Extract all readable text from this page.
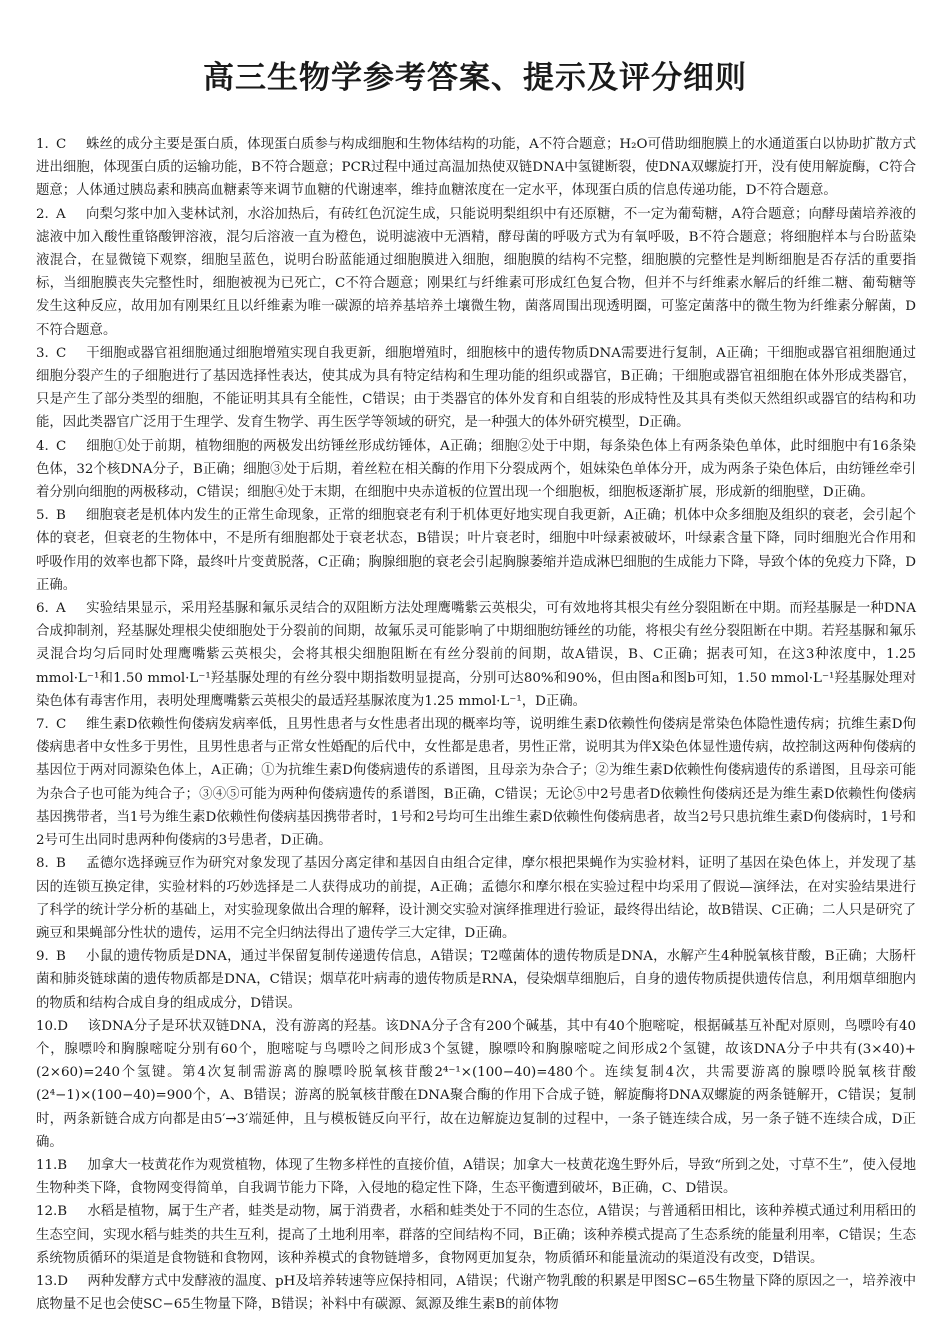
高三生物学参考答案、提示及评分细则

1. C 蛛丝的成分主要是蛋白质，体现蛋白质参与构成细胞和生物体结构的功能，A不符合题意；H₂O可借助细胞膜上的水通道蛋白以协助扩散方式进出细胞，体现蛋白质的运输功能，B不符合题意；PCR过程中通过高温加热使双链DNA中氢键断裂，使DNA双螺旋打开，没有使用解旋酶，C符合题意；人体通过胰岛素和胰高血糖素等来调节血糖的代谢速率，维持血糖浓度在一定水平，体现蛋白质的信息传递功能，D不符合题意。

2. A 向梨匀浆中加入斐林试剂，水浴加热后，有砖红色沉淀生成，只能说明梨组织中有还原糖，不一定为葡萄糖，A符合题意；向酵母菌培养液的滤液中加入酸性重铬酸钾溶液，混匀后溶液一直为橙色，说明滤液中无酒精，酵母菌的呼吸方式为有氧呼吸，B不符合题意；将细胞样本与台盼蓝染液混合，在显微镜下观察，细胞呈蓝色，说明台盼蓝能通过细胞膜进入细胞，细胞膜的结构不完整，细胞膜的完整性是判断细胞是否存活的重要指标，当细胞膜丧失完整性时，细胞被视为已死亡，C不符合题意；刚果红与纤维素可形成红色复合物，但并不与纤维素水解后的纤维二糖、葡萄糖等发生这种反应，故用加有刚果红且以纤维素为唯一碳源的培养基培养土壤微生物，菌落周围出现透明圈，可鉴定菌落中的微生物为纤维素分解菌，D不符合题意。

3. C 干细胞或器官祖细胞通过细胞增殖实现自我更新，细胞增殖时，细胞核中的遗传物质DNA需要进行复制，A正确；干细胞或器官祖细胞通过细胞分裂产生的子细胞进行了基因选择性表达，使其成为具有特定结构和生理功能的组织或器官，B正确；干细胞或器官祖细胞在体外形成类器官，只是产生了部分类型的细胞，不能证明其具有全能性，C错误；由于类器官的体外发育和自组装的形成特性及其具有类似天然组织或器官的结构和功能，因此类器官广泛用于生理学、发育生物学、再生医学等领域的研究，是一种强大的体外研究模型，D正确。

4. C 细胞①处于前期，植物细胞的两极发出纺锤丝形成纺锤体，A正确；细胞②处于中期，每条染色体上有两条染色单体，此时细胞中有16条染色体，32个核DNA分子，B正确；细胞③处于后期，着丝粒在相关酶的作用下分裂成两个，姐妹染色单体分开，成为两条子染色体后，由纺锤丝牵引着分别向细胞的两极移动，C错误；细胞④处于末期，在细胞中央赤道板的位置出现一个细胞板，细胞板逐渐扩展，形成新的细胞壁，D正确。

5. B 细胞衰老是机体内发生的正常生命现象，正常的细胞衰老有利于机体更好地实现自我更新，A正确；机体中众多细胞及组织的衰老，会引起个体的衰老，但衰老的生物体中，不是所有细胞都处于衰老状态，B错误；叶片衰老时，细胞中叶绿素被破坏，叶绿素含量下降，同时细胞光合作用和呼吸作用的效率也都下降，最终叶片变黄脱落，C正确；胸腺细胞的衰老会引起胸腺萎缩并造成淋巴细胞的生成能力下降，导致个体的免疫力下降，D正确。

6. A 实验结果显示，采用羟基脲和氟乐灵结合的双阻断方法处理鹰嘴紫云英根尖，可有效地将其根尖有丝分裂阻断在中期。而羟基脲是一种DNA合成抑制剂，羟基脲处理根尖使细胞处于分裂前的间期，故氟乐灵可能影响了中期细胞纺锤丝的功能，将根尖有丝分裂阻断在中期。若羟基脲和氟乐灵混合均匀后同时处理鹰嘴紫云英根尖，会将其根尖细胞阻断在有丝分裂前的间期，故A错误，B、C正确；据表可知，在这3种浓度中，1.25 mmol·L⁻¹和1.50 mmol·L⁻¹羟基脲处理的有丝分裂中期指数明显提高，分别可达80%和90%，但由图a和图b可知，1.50 mmol·L⁻¹羟基脲处理对染色体有毒害作用，表明处理鹰嘴紫云英根尖的最适羟基脲浓度为1.25 mmol·L⁻¹，D正确。

7. C 维生素D依赖性佝偻病发病率低，且男性患者与女性患者出现的概率均等，说明维生素D依赖性佝偻病是常染色体隐性遗传病；抗维生素D佝偻病患者中女性多于男性，且男性患者与正常女性婚配的后代中，女性都是患者，男性正常，说明其为伴X染色体显性遗传病，故控制这两种佝偻病的基因位于两对同源染色体上，A正确；①为抗维生素D佝偻病遗传的系谱图，且母亲为杂合子；②为维生素D依赖性佝偻病遗传的系谱图，且母亲可能为杂合子也可能为纯合子；③④⑤可能为两种佝偻病遗传的系谱图，B正确，C错误；无论⑤中2号患者D依赖性佝偻病还是为维生素D依赖性佝偻病基因携带者，当1号为维生素D依赖性佝偻病基因携带者时，1号和2号均可生出维生素D依赖性佝偻病患者，故当2号只患抗维生素D佝偻病时，1号和2号可生出同时患两种佝偻病的3号患者，D正确。

8. B 孟德尔选择豌豆作为研究对象发现了基因分离定律和基因自由组合定律，摩尔根把果蝇作为实验材料，证明了基因在染色体上，并发现了基因的连锁互换定律，实验材料的巧妙选择是二人获得成功的前提，A正确；孟德尔和摩尔根在实验过程中均采用了假说—演绎法，在对实验结果进行了科学的统计学分析的基础上，对实验现象做出合理的解释，设计测交实验对演绎推理进行验证，最终得出结论，故B错误、C正确；二人只是研究了豌豆和果蝇部分性状的遗传，运用不完全归纳法得出了遗传学三大定律，D正确。

9. B 小鼠的遗传物质是DNA，通过半保留复制传递遗传信息，A错误；T2噬菌体的遗传物质是DNA，水解产生4种脱氧核苷酸，B正确；大肠杆菌和肺炎链球菌的遗传物质都是DNA，C错误；烟草花叶病毒的遗传物质是RNA，侵染烟草细胞后，自身的遗传物质提供遗传信息，利用烟草细胞内的物质和结构合成自身的组成成分，D错误。

10.D 该DNA分子是环状双链DNA，没有游离的羟基。该DNA分子含有200个碱基，其中有40个胞嘧啶，根据碱基互补配对原则，鸟嘌呤有40个，腺嘌呤和胸腺嘧啶分别有60个，胞嘧啶与鸟嘌呤之间形成3个氢键，腺嘌呤和胸腺嘧啶之间形成2个氢键，故该DNA分子中共有(3×40)+(2×60)=240个氢键。第4次复制需游离的腺嘌呤脱氧核苷酸2⁴⁻¹×(100−40)=480个。连续复制4次，共需要游离的腺嘌呤脱氧核苷酸(2⁴−1)×(100−40)=900个，A、B错误；游离的脱氧核苷酸在DNA聚合酶的作用下合成子链，解旋酶将DNA双螺旋的两条链解开，C错误；复制时，两条新链合成方向都是由5′→3′端延伸，且与模板链反向平行，故在边解旋边复制的过程中，一条子链连续合成，另一条子链不连续合成，D正确。

11.B 加拿大一枝黄花作为观赏植物，体现了生物多样性的直接价值，A错误；加拿大一枝黄花逸生野外后，导致“所到之处，寸草不生”，使入侵地生物种类下降，食物网变得简单，自我调节能力下降，入侵地的稳定性下降，生态平衡遭到破坏，B正确，C、D错误。

12.B 水稻是植物，属于生产者，蛙类是动物，属于消费者，水稻和蛙类处于不同的生态位，A错误；与普通稻田相比，该种养模式通过利用稻田的生态空间，实现水稻与蛙类的共生互利，提高了土地利用率，群落的空间结构不同，B正确；该种养模式提高了生态系统的能量利用率，C错误；生态系统物质循环的渠道是食物链和食物网，该种养模式的食物链增多，食物网更加复杂，物质循环和能量流动的渠道没有改变，D错误。

13.D 两种发酵方式中发酵液的温度、pH及培养转速等应保持相同，A错误；代谢产物乳酸的积累是甲图SC−65生物量下降的原因之一，培养液中底物量不足也会使SC−65生物量下降，B错误；补料中有碳源、氮源及维生素B的前体物
